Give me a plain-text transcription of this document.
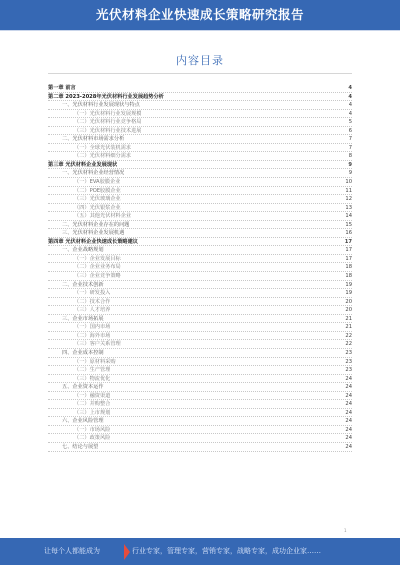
光伏材料企业快速成长策略研究报告
内容目录
第一章 前言	4
第二章 2023-2028年光伏材料行业发展趋势分析	4
一、光伏材料行业发展现状与特点	4
（一）光伏材料行业发展规模	4
（二）光伏材料行业竞争格局	5
（三）光伏材料行业技术进展	6
二、光伏材料市场需求分析	7
（一）全球光伏装机需求	7
（二）光伏材料细分需求	8
第三章 光伏材料企业发展现状	9
一、光伏材料企业经营情况	9
（一）EVA胶膜企业	10
（二）POE胶膜企业	11
（三）光伏玻璃企业	12
（四）光伏银浆企业	13
（五）其他光伏材料企业	14
二、光伏材料企业存在的问题	15
三、光伏材料企业发展机遇	16
第四章 光伏材料企业快速成长策略建议	17
一、企业战略规划	17
（一）企业发展目标	17
（二）企业业务布局	18
（三）企业竞争策略	18
二、企业技术创新	19
（一）研发投入	19
（二）技术合作	20
（三）人才培养	20
三、企业市场拓展	21
（一）国内市场	21
（二）海外市场	22
（三）客户关系管理	22
四、企业成本控制	23
（一）原材料采购	23
（二）生产管理	23
（三）物流优化	24
五、企业资本运作	24
（一）融资渠道	24
（二）并购整合	24
（三）上市规划	24
六、企业风险管理	24
（一）市场风险	24
（二）政策风险	24
七、结论与展望	24
1
让每个人都能成为	行业专家，管理专家，营销专家，战略专家，成功企业家……
